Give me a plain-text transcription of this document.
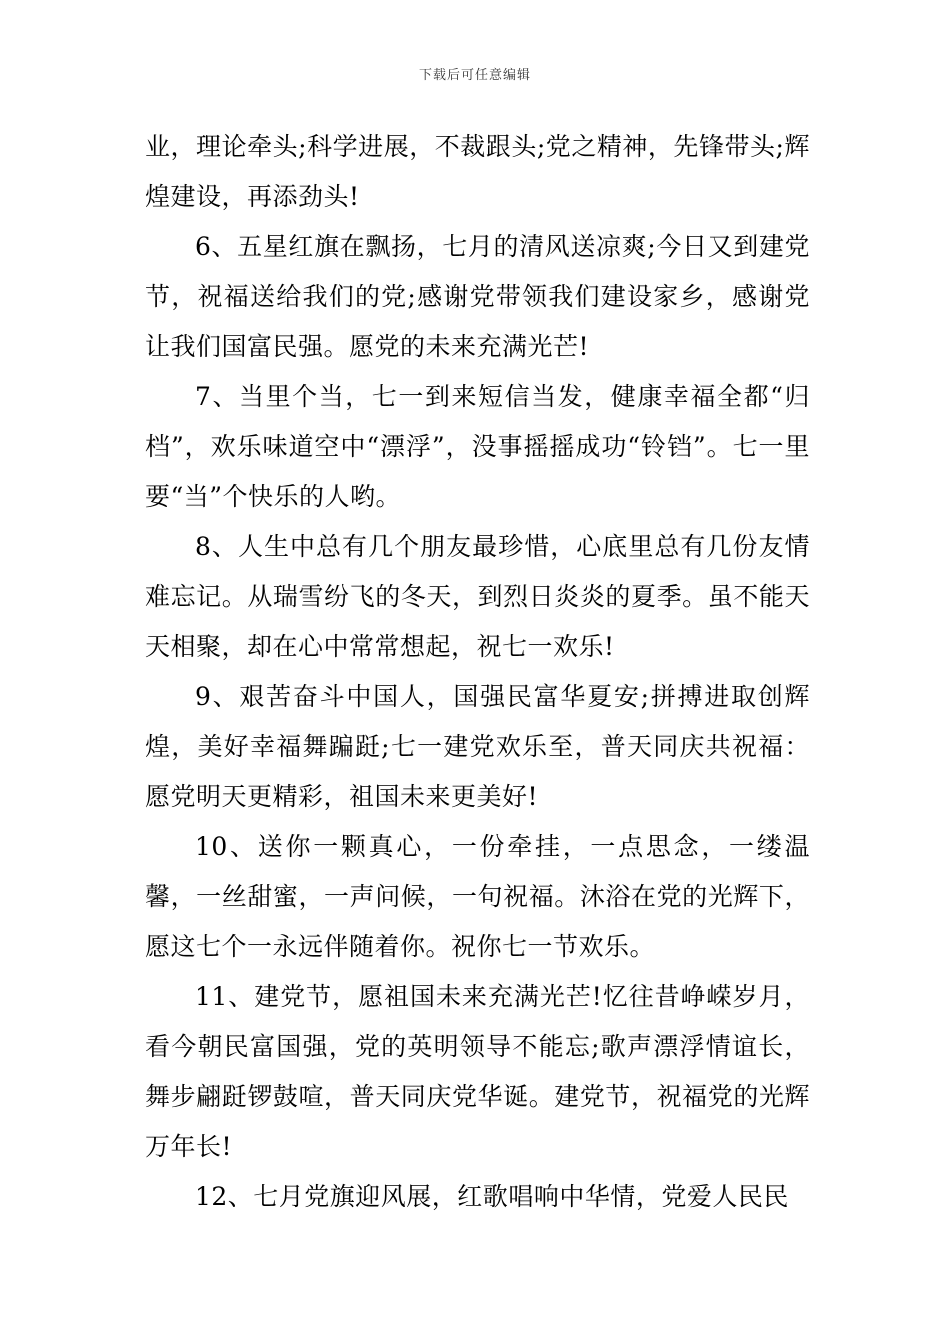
下载后可任意编辑

业，理论牵头;科学进展，不裁跟头;党之精神，先锋带头;辉煌建设，再添劲头!

6、五星红旗在飘扬，七月的清风送凉爽;今日又到建党节，祝福送给我们的党;感谢党带领我们建设家乡，感谢党让我们国富民强。愿党的未来充满光芒!

7、当里个当，七一到来短信当发，健康幸福全都“归档”，欢乐味道空中“漂浮”，没事摇摇成功“铃铛”。七一里要“当”个快乐的人哟。

8、人生中总有几个朋友最珍惜，心底里总有几份友情难忘记。从瑞雪纷飞的冬天，到烈日炎炎的夏季。虽不能天天相聚，却在心中常常想起，祝七一欢乐!

9、艰苦奋斗中国人，国强民富华夏安;拼搏进取创辉煌，美好幸福舞蹁跹;七一建党欢乐至，普天同庆共祝福：愿党明天更精彩，祖国未来更美好!

10、送你一颗真心，一份牵挂，一点思念，一缕温馨，一丝甜蜜，一声问候，一句祝福。沐浴在党的光辉下，愿这七个一永远伴随着你。祝你七一节欢乐。

11、建党节，愿祖国未来充满光芒!忆往昔峥嵘岁月，看今朝民富国强，党的英明领导不能忘;歌声漂浮情谊长，舞步翩跹锣鼓喧，普天同庆党华诞。建党节，祝福党的光辉万年长!

12、七月党旗迎风展，红歌唱响中华情，党爱人民民
